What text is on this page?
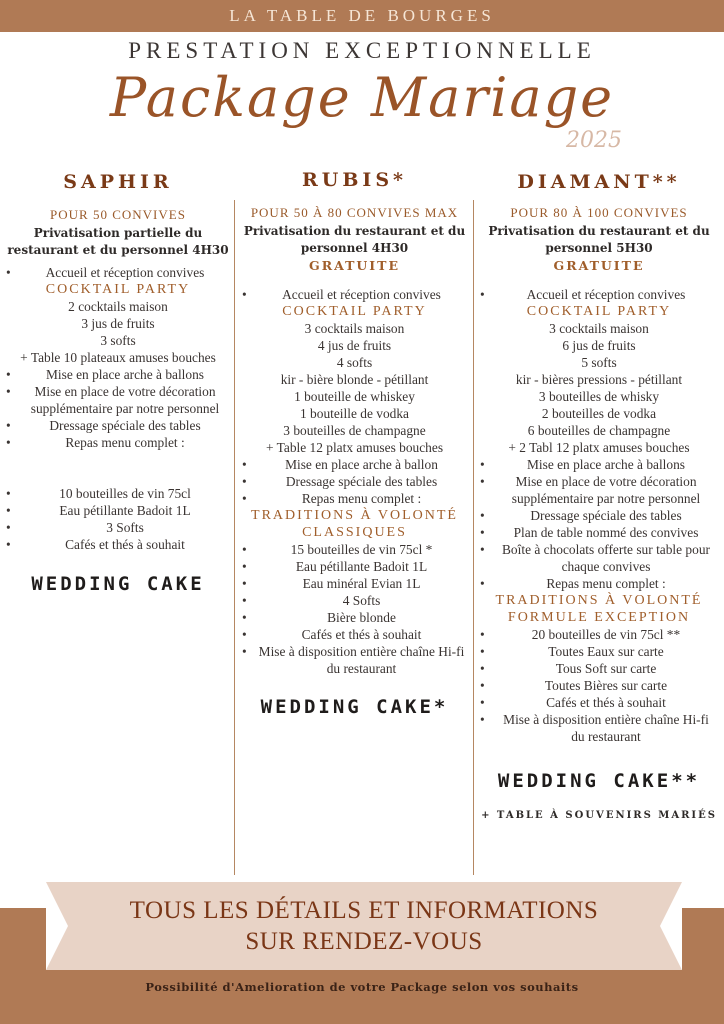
LA TABLE DE BOURGES
PRESTATION EXCEPTIONNELLE
Package Mariage
2025
SAPHIR
POUR 50 CONVIVES
Privatisation partielle du restaurant et du personnel 4H30
• Accueil et réception convives
COCKTAIL PARTY
2 cocktails maison
3 jus de fruits
3 softs
+ Table 10 plateaux amuses bouches
• Mise en place arche à ballons
• Mise en place de votre décoration supplémentaire par notre personnel
• Dressage spéciale des tables
• Repas menu complet :
• 10 bouteilles de vin 75cl
• Eau pétillante Badoit 1L
• 3 Softs
• Cafés et thés à souhait
WEDDING CAKE
RUBIS*
POUR 50 À 80 CONVIVES MAX
Privatisation du restaurant et du personnel 4H30
GRATUITE
• Accueil et réception convives
COCKTAIL PARTY
3 cocktails maison
4 jus de fruits
4 softs
kir - bière blonde - pétillant
1 bouteille de whiskey
1 bouteille de vodka
3 bouteilles de champagne
+ Table 12 platx amuses bouches
• Mise en place arche à ballon
• Dressage spéciale des tables
• Repas menu complet :
TRADITIONS À VOLONTÉ
CLASSIQUES
• 15 bouteilles de vin 75cl *
• Eau pétillante Badoit 1L
• Eau minéral Evian 1L
• 4 Softs
• Bière blonde
• Cafés et thés à souhait
• Mise à disposition entière chaîne Hi-fi du restaurant
WEDDING CAKE*
DIAMANT**
POUR 80 À 100 CONVIVES
Privatisation du restaurant et du personnel 5H30
GRATUITE
• Accueil et réception convives
COCKTAIL PARTY
3 cocktails maison
6 jus de fruits
5 softs
kir - bières pressions - pétillant
3 bouteilles de whisky
2 bouteilles de vodka
6 bouteilles de champagne
+ 2 Tabl 12 platx amuses bouches
• Mise en place arche à ballons
• Mise en place de votre décoration supplémentaire par notre personnel
• Dressage spéciale des tables
• Plan de table nommé des convives
• Boîte à chocolats offerte sur table pour chaque convives
• Repas menu complet :
TRADITIONS À VOLONTÉ
FORMULE EXCEPTION
• 20 bouteilles de vin 75cl **
• Toutes Eaux sur carte
• Tous Soft sur carte
• Toutes Bières sur carte
• Cafés et thés à souhait
• Mise à disposition entière chaîne Hi-fi du restaurant
WEDDING CAKE**
+ TABLE À SOUVENIRS MARIÉS
TOUS LES DÉTAILS ET INFORMATIONS
SUR RENDEZ-VOUS
Possibilité d'Amelioration de votre Package selon vos souhaits
